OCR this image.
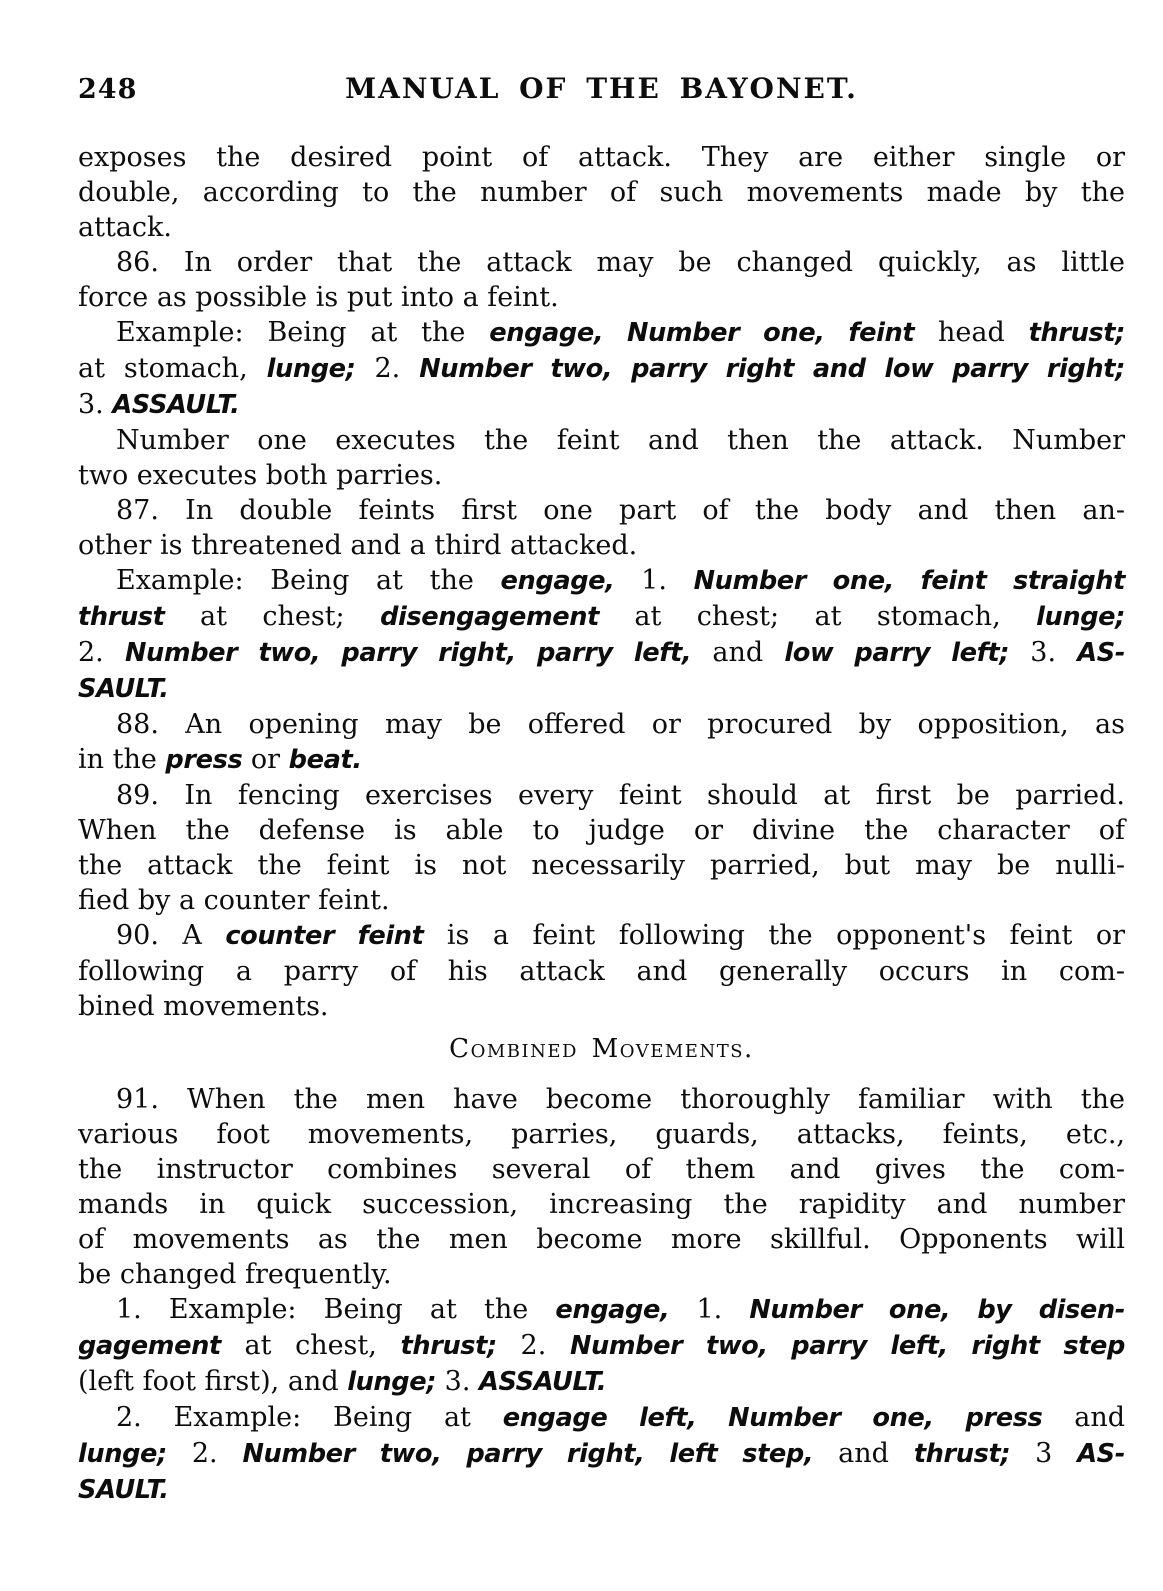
248	MANUAL OF THE BAYONET.
exposes the desired point of attack. They are either single or
double, according to the number of such movements made by the
attack.
86. In order that the attack may be changed quickly, as little
force as possible is put into a feint.
Example: Being at the engage, Number one, feint head thrust;
at stomach, lunge; 2. Number two, parry right and low parry right;
3. ASSAULT.
Number one executes the feint and then the attack. Number
two executes both parries.
87. In double feints first one part of the body and then an-
other is threatened and a third attacked.
Example: Being at the engage, 1. Number one, feint straight
thrust at chest; disengagement at chest; at stomach, lunge;
2. Number two, parry right, parry left, and low parry left; 3. AS-
SAULT.
88. An opening may be offered or procured by opposition, as
in the press or beat.
89. In fencing exercises every feint should at first be parried.
When the defense is able to judge or divine the character of
the attack the feint is not necessarily parried, but may be nulli-
fied by a counter feint.
90. A counter feint is a feint following the opponent's feint or
following a parry of his attack and generally occurs in com-
bined movements.
Combined Movements.
91. When the men have become thoroughly familiar with the
various foot movements, parries, guards, attacks, feints, etc.,
the instructor combines several of them and gives the com-
mands in quick succession, increasing the rapidity and number
of movements as the men become more skillful. Opponents will
be changed frequently.
1. Example: Being at the engage, 1. Number one, by disen-
gagement at chest, thrust; 2. Number two, parry left, right step
(left foot first), and lunge; 3. ASSAULT.
2. Example: Being at engage left, Number one, press and
lunge; 2. Number two, parry right, left step, and thrust; 3 AS-
SAULT.
